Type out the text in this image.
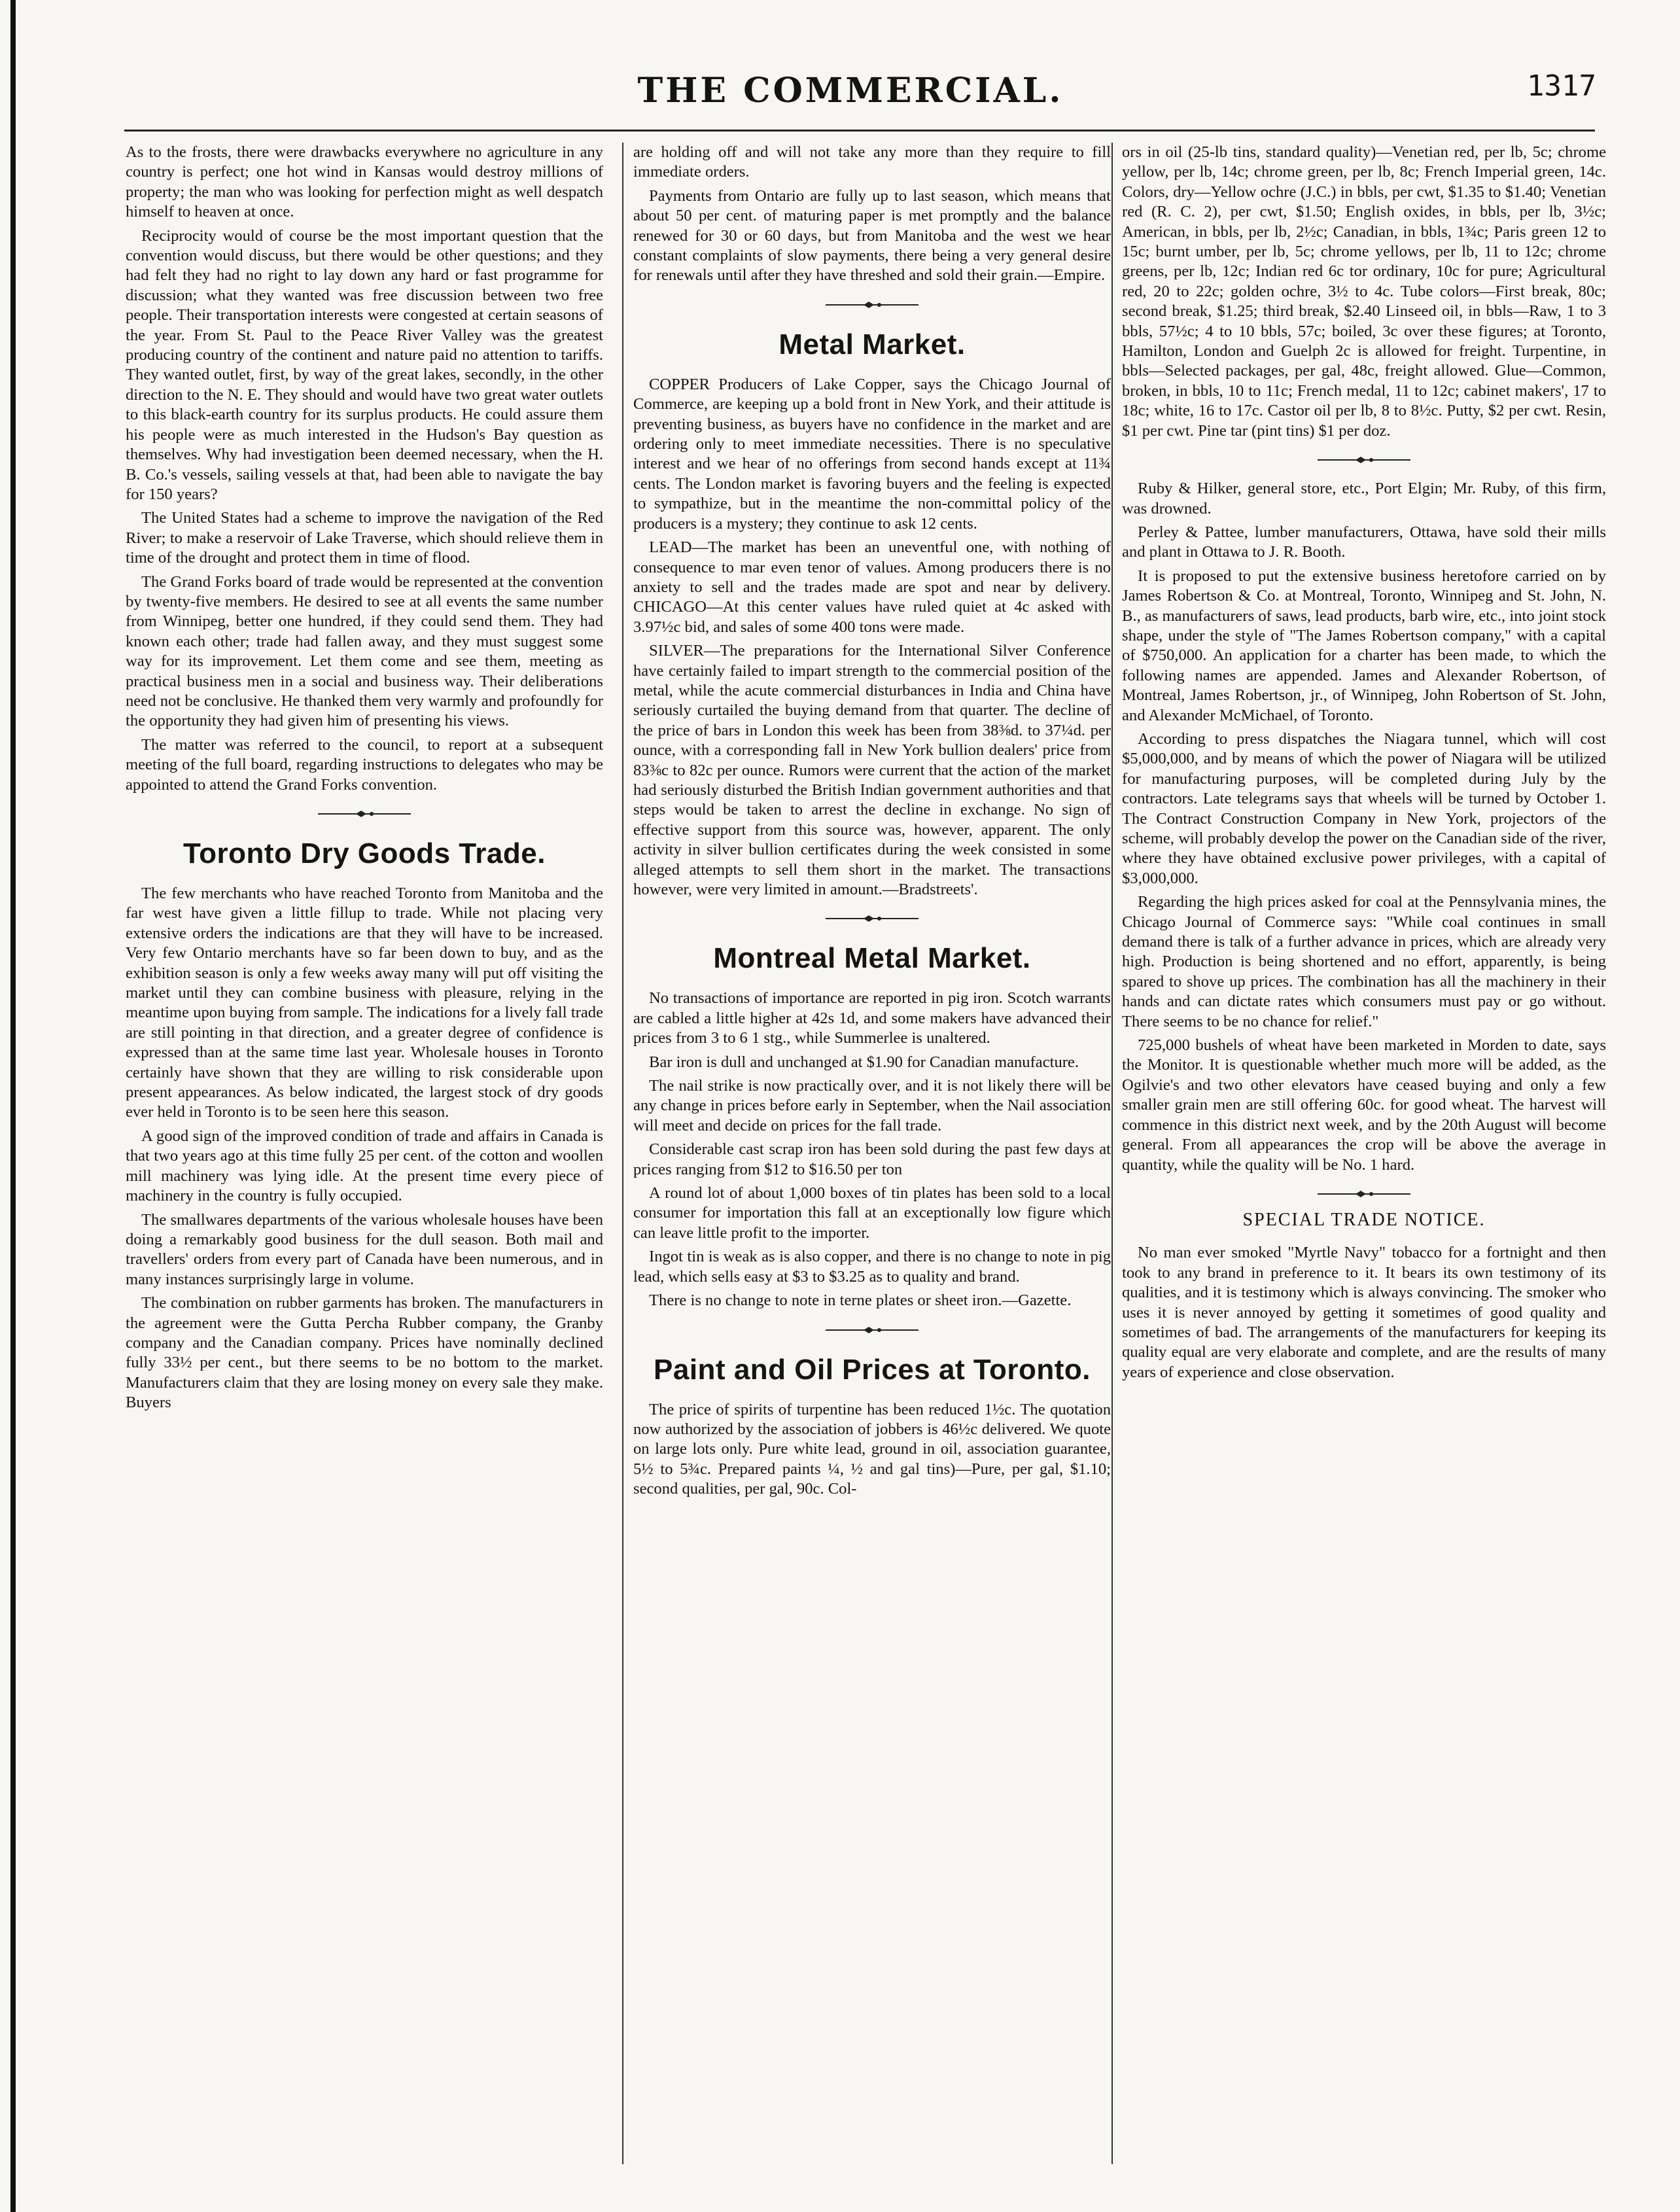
THE COMMERCIAL.	1317

As to the frosts, there were drawbacks everywhere no agriculture in any country is perfect; one hot wind in Kansas would destroy millions of property; the man who was looking for perfection might as well despatch himself to heaven at once.

Reciprocity would of course be the most important question that the convention would discuss, but there would be other questions; and they had felt they had no right to lay down any hard or fast programme for discussion; what they wanted was free discussion between two free people. Their transportation interests were congested at certain seasons of the year. From St. Paul to the Peace River Valley was the greatest producing country of the continent and nature paid no attention to tariffs. They wanted outlet, first, by way of the great lakes, secondly, in the other direction to the N. E. They should and would have two great water outlets to this black-earth country for its surplus products. He could assure them his people were as much interested in the Hudson's Bay question as themselves. Why had investigation been deemed necessary, when the H. B. Co.'s vessels, sailing vessels at that, had been able to navigate the bay for 150 years?

The United States had a scheme to improve the navigation of the Red River; to make a reservoir of Lake Traverse, which should relieve them in time of the drought and protect them in time of flood.

The Grand Forks board of trade would be represented at the convention by twenty-five members. He desired to see at all events the same number from Winnipeg, better one hundred, if they could send them. They had known each other; trade had fallen away, and they must suggest some way for its improvement. Let them come and see them, meeting as practical business men in a social and business way. Their deliberations need not be conclusive. He thanked them very warmly and profoundly for the opportunity they had given him of presenting his views.

The matter was referred to the council, to report at a subsequent meeting of the full board, regarding instructions to delegates who may be appointed to attend the Grand Forks convention.

Toronto Dry Goods Trade.

The few merchants who have reached Toronto from Manitoba and the far west have given a little fillup to trade. While not placing very extensive orders the indications are that they will have to be increased. Very few Ontario merchants have so far been down to buy, and as the exhibition season is only a few weeks away many will put off visiting the market until they can combine business with pleasure, relying in the meantime upon buying from sample. The indications for a lively fall trade are still pointing in that direction, and a greater degree of confidence is expressed than at the same time last year. Wholesale houses in Toronto certainly have shown that they are willing to risk considerable upon present appearances. As below indicated, the largest stock of dry goods ever held in Toronto is to be seen here this season.

A good sign of the improved condition of trade and affairs in Canada is that two years ago at this time fully 25 per cent. of the cotton and woollen mill machinery was lying idle. At the present time every piece of machinery in the country is fully occupied.

The smallwares departments of the various wholesale houses have been doing a remarkably good business for the dull season. Both mail and travellers' orders from every part of Canada have been numerous, and in many instances surprisingly large in volume.

The combination on rubber garments has broken. The manufacturers in the agreement were the Gutta Percha Rubber company, the Granby company and the Canadian company. Prices have nominally declined fully 33½ per cent., but there seems to be no bottom to the market. Manufacturers claim that they are losing money on every sale they make. Buyers

are holding off and will not take any more than they require to fill immediate orders.

Payments from Ontario are fully up to last season, which means that about 50 per cent. of maturing paper is met promptly and the balance renewed for 30 or 60 days, but from Manitoba and the west we hear constant complaints of slow payments, there being a very general desire for renewals until after they have threshed and sold their grain.—Empire.

Metal Market.

COPPER Producers of Lake Copper, says the Chicago Journal of Commerce, are keeping up a bold front in New York, and their attitude is preventing business, as buyers have no confidence in the market and are ordering only to meet immediate necessities. There is no speculative interest and we hear of no offerings from second hands except at 11¾ cents. The London market is favoring buyers and the feeling is expected to sympathize, but in the meantime the non-committal policy of the producers is a mystery; they continue to ask 12 cents.

LEAD—The market has been an uneventful one, with nothing of consequence to mar even tenor of values. Among producers there is no anxiety to sell and the trades made are spot and near by delivery. CHICAGO—At this center values have ruled quiet at 4c asked with 3.97½c bid, and sales of some 400 tons were made.

SILVER—The preparations for the International Silver Conference have certainly failed to impart strength to the commercial position of the metal, while the acute commercial disturbances in India and China have seriously curtailed the buying demand from that quarter. The decline of the price of bars in London this week has been from 38⅜d. to 37¼d. per ounce, with a corresponding fall in New York bullion dealers' price from 83⅜c to 82c per ounce. Rumors were current that the action of the market had seriously disturbed the British Indian government authorities and that steps would be taken to arrest the decline in exchange. No sign of effective support from this source was, however, apparent. The only activity in silver bullion certificates during the week consisted in some alleged attempts to sell them short in the market. The transactions however, were very limited in amount.—Bradstreets'.

Montreal Metal Market.

No transactions of importance are reported in pig iron. Scotch warrants are cabled a little higher at 42s 1d, and some makers have advanced their prices from 3 to 6 1 stg., while Summerlee is unaltered.

Bar iron is dull and unchanged at $1.90 for Canadian manufacture.

The nail strike is now practically over, and it is not likely there will be any change in prices before early in September, when the Nail association will meet and decide on prices for the fall trade.

Considerable cast scrap iron has been sold during the past few days at prices ranging from $12 to $16.50 per ton

A round lot of about 1,000 boxes of tin plates has been sold to a local consumer for importation this fall at an exceptionally low figure which can leave little profit to the importer.

Ingot tin is weak as is also copper, and there is no change to note in pig lead, which sells easy at $3 to $3.25 as to quality and brand.

There is no change to note in terne plates or sheet iron.—Gazette.

Paint and Oil Prices at Toronto.

The price of spirits of turpentine has been reduced 1½c. The quotation now authorized by the association of jobbers is 46½c delivered. We quote on large lots only. Pure white lead, ground in oil, association guarantee, 5½ to 5¾c. Prepared paints ¼, ½ and gal tins)—Pure, per gal, $1.10; second qualities, per gal, 90c. Col-

ors in oil (25-lb tins, standard quality)—Venetian red, per lb, 5c; chrome yellow, per lb, 14c; chrome green, per lb, 8c; French Imperial green, 14c. Colors, dry—Yellow ochre (J.C.) in bbls, per cwt, $1.35 to $1.40; Venetian red (R. C. 2), per cwt, $1.50; English oxides, in bbls, per lb, 3½c; American, in bbls, per lb, 2½c; Canadian, in bbls, 1¾c; Paris green 12 to 15c; burnt umber, per lb, 5c; chrome yellows, per lb, 11 to 12c; chrome greens, per lb, 12c; Indian red 6c tor ordinary, 10c for pure; Agricultural red, 20 to 22c; golden ochre, 3½ to 4c. Tube colors—First break, 80c; second break, $1.25; third break, $2.40 Linseed oil, in bbls—Raw, 1 to 3 bbls, 57½c; 4 to 10 bbls, 57c; boiled, 3c over these figures; at Toronto, Hamilton, London and Guelph 2c is allowed for freight. Turpentine, in bbls—Selected packages, per gal, 48c, freight allowed. Glue—Common, broken, in bbls, 10 to 11c; French medal, 11 to 12c; cabinet makers', 17 to 18c; white, 16 to 17c. Castor oil per lb, 8 to 8½c. Putty, $2 per cwt. Resin, $1 per cwt. Pine tar (pint tins) $1 per doz.

Ruby & Hilker, general store, etc., Port Elgin; Mr. Ruby, of this firm, was drowned.

Perley & Pattee, lumber manufacturers, Ottawa, have sold their mills and plant in Ottawa to J. R. Booth.

It is proposed to put the extensive business heretofore carried on by James Robertson & Co. at Montreal, Toronto, Winnipeg and St. John, N. B., as manufacturers of saws, lead products, barb wire, etc., into joint stock shape, under the style of "The James Robertson company," with a capital of $750,000. An application for a charter has been made, to which the following names are appended. James and Alexander Robertson, of Montreal, James Robertson, jr., of Winnipeg, John Robertson of St. John, and Alexander McMichael, of Toronto.

According to press dispatches the Niagara tunnel, which will cost $5,000,000, and by means of which the power of Niagara will be utilized for manufacturing purposes, will be completed during July by the contractors. Late telegrams says that wheels will be turned by October 1. The Contract Construction Company in New York, projectors of the scheme, will probably develop the power on the Canadian side of the river, where they have obtained exclusive power privileges, with a capital of $3,000,000.

Regarding the high prices asked for coal at the Pennsylvania mines, the Chicago Journal of Commerce says: "While coal continues in small demand there is talk of a further advance in prices, which are already very high. Production is being shortened and no effort, apparently, is being spared to shove up prices. The combination has all the machinery in their hands and can dictate rates which consumers must pay or go without. There seems to be no chance for relief."

725,000 bushels of wheat have been marketed in Morden to date, says the Monitor. It is questionable whether much more will be added, as the Ogilvie's and two other elevators have ceased buying and only a few smaller grain men are still offering 60c. for good wheat. The harvest will commence in this district next week, and by the 20th August will become general. From all appearances the crop will be above the average in quantity, while the quality will be No. 1 hard.

SPECIAL TRADE NOTICE.

No man ever smoked "Myrtle Navy" tobacco for a fortnight and then took to any brand in preference to it. It bears its own testimony of its qualities, and it is testimony which is always convincing. The smoker who uses it is never annoyed by getting it sometimes of good quality and sometimes of bad. The arrangements of the manufacturers for keeping its quality equal are very elaborate and complete, and are the results of many years of experience and close observation.
